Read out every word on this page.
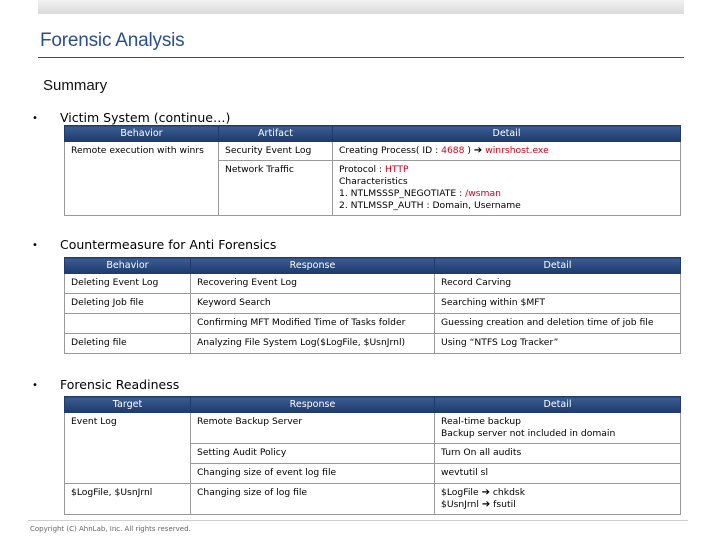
Forensic Analysis
Summary
• Victim System (continue…)
Behavior	Artifact	Detail
Remote execution with winrs	Security Event Log	Creating Process( ID : 4688 ) ➔ winrshost.exe
	Network Traffic	Protocol : HTTP
Characteristics
1. NTLMSSSP_NEGOTIATE : /wsman
2. NTLMSSP_AUTH : Domain, Username
• Countermeasure for Anti Forensics
Behavior	Response	Detail
Deleting Event Log	Recovering Event Log	Record Carving
Deleting Job file	Keyword Search	Searching within $MFT
	Confirming MFT Modified Time of Tasks folder	Guessing creation and deletion time of job file
Deleting file	Analyzing File System Log($LogFile, $UsnJrnl)	Using “NTFS Log Tracker”
• Forensic Readiness
Target	Response	Detail
Event Log	Remote Backup Server	Real-time backup
Backup server not included in domain

	Setting Audit Policy	Turn On all audits
	Changing size of event log file	wevtutil sl
$LogFile, $UsnJrnl	Changing size of log file	$LogFile ➔ chkdsk
$UsnJrnl ➔ fsutil
Copyright (C) AhnLab, Inc. All rights reserved.
